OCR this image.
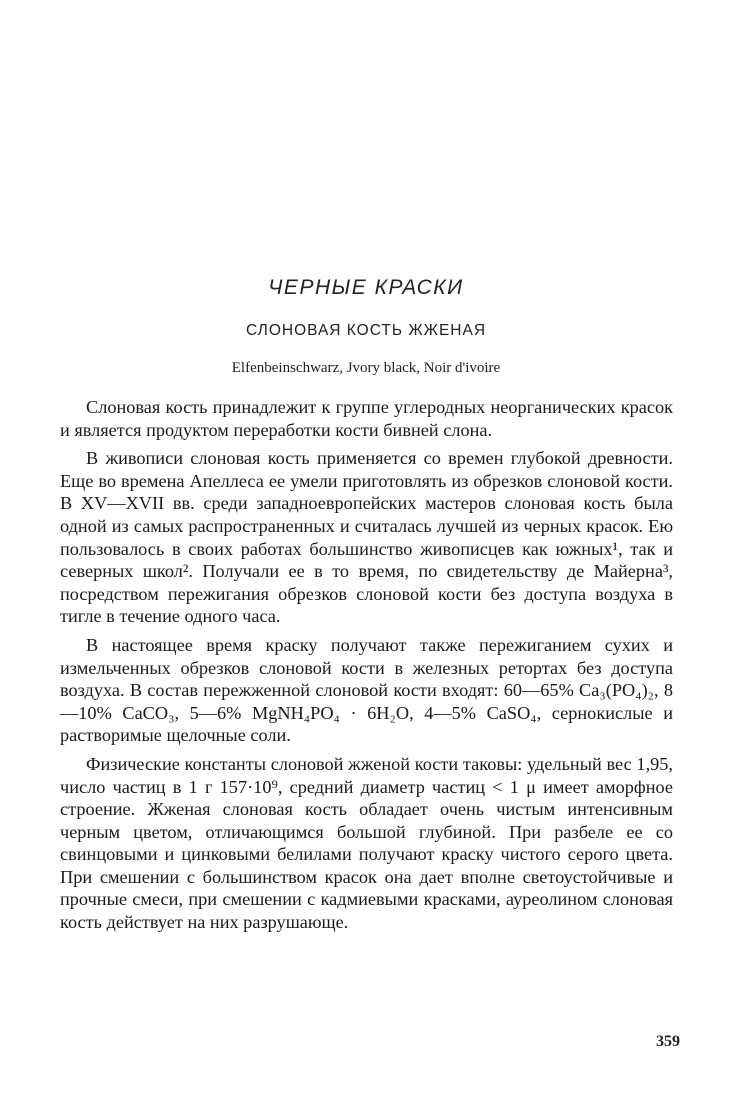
ЧЕРНЫЕ КРАСКИ
СЛОНОВАЯ КОСТЬ ЖЖЕНАЯ
Elfenbeinschwarz, Jvory black, Noir d'ivoire

Слоновая кость принадлежит к группе углеродных неорганических красок и является продуктом переработки кости бивней слона.

В живописи слоновая кость применяется со времен глубокой древности. Еще во времена Апеллеса ее умели приготовлять из обрезков слоновой кости. В XV—XVII вв. среди западноевропейских мастеров слоновая кость была одной из самых распространенных и считалась лучшей из черных красок. Ею пользовалось в своих работах большинство живописцев как южных¹, так и северных школ². Получали ее в то время, по свидетельству де Майерна³, посредством пережигания обрезков слоновой кости без доступа воздуха в тигле в течение одного часа.

В настоящее время краску получают также пережиганием сухих и измельченных обрезков слоновой кости в железных ретортах без доступа воздуха. В состав пережженной слоновой кости входят: 60—65% Ca₃(PO₄)₂, 8—10% CaCO₃, 5—6% MgNH₄PO₄ · 6H₂O, 4—5% CaSO₄, сернокислые и растворимые щелочные соли.

Физические константы слоновой жженой кости таковы: удельный вес 1,95, число частиц в 1 г 157·10⁹, средний диаметр частиц < 1 μ имеет аморфное строение. Жженая слоновая кость обладает очень чистым интенсивным черным цветом, отличающимся большой глубиной. При разбеле ее со свинцовыми и цинковыми белилами получают краску чистого серого цвета. При смешении с большинством красок она дает вполне светоустойчивые и прочные смеси, при смешении с кадмиевыми красками, ауреолином слоновая кость действует на них разрушающе.

359
